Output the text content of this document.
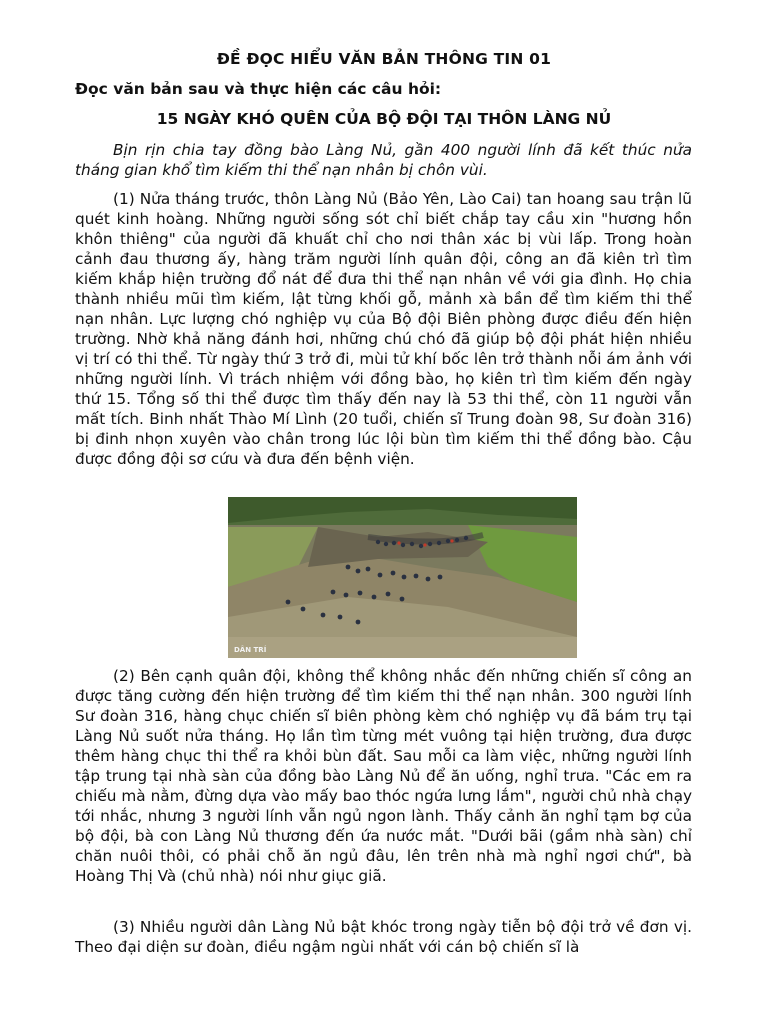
ĐỀ ĐỌC HIỂU VĂN BẢN THÔNG TIN 01
Đọc văn bản sau và thực hiện các câu hỏi:
15 NGÀY KHÓ QUÊN CỦA BỘ ĐỘI TẠI THÔN LÀNG NỦ

Bịn rịn chia tay đồng bào Làng Nủ, gần 400 người lính đã kết thúc nửa tháng gian khổ tìm kiếm thi thể nạn nhân bị chôn vùi.

(1) Nửa tháng trước, thôn Làng Nủ (Bảo Yên, Lào Cai) tan hoang sau trận lũ quét kinh hoàng. Những người sống sót chỉ biết chắp tay cầu xin "hương hồn khôn thiêng" của người đã khuất chỉ cho nơi thân xác bị vùi lấp. Trong hoàn cảnh đau thương ấy, hàng trăm người lính quân đội, công an đã kiên trì tìm kiếm khắp hiện trường đổ nát để đưa thi thể nạn nhân về với gia đình. Họ chia thành nhiều mũi tìm kiếm, lật từng khối gỗ, mảnh xà bần để tìm kiếm thi thể nạn nhân. Lực lượng chó nghiệp vụ của Bộ đội Biên phòng được điều đến hiện trường. Nhờ khả năng đánh hơi, những chú chó đã giúp bộ đội phát hiện nhiều vị trí có thi thể. Từ ngày thứ 3 trở đi, mùi tử khí bốc lên trở thành nỗi ám ảnh với những người lính. Vì trách nhiệm với đồng bào, họ kiên trì tìm kiếm đến ngày thứ 15. Tổng số thi thể được tìm thấy đến nay là 53 thi thể, còn 11 người vẫn mất tích. Binh nhất Thào Mí Lình (20 tuổi, chiến sĩ Trung đoàn 98, Sư đoàn 316) bị đinh nhọn xuyên vào chân trong lúc lội bùn tìm kiếm thi thể đồng bào. Cậu được đồng đội sơ cứu và đưa đến bệnh viện.

DÂN TRÍ

(2) Bên cạnh quân đội, không thể không nhắc đến những chiến sĩ công an được tăng cường đến hiện trường để tìm kiếm thi thể nạn nhân. 300 người lính Sư đoàn 316, hàng chục chiến sĩ biên phòng kèm chó nghiệp vụ đã bám trụ tại Làng Nủ suốt nửa tháng. Họ lần tìm từng mét vuông tại hiện trường, đưa được thêm hàng chục thi thể ra khỏi bùn đất. Sau mỗi ca làm việc, những người lính tập trung tại nhà sàn của đồng bào Làng Nủ để ăn uống, nghỉ trưa. "Các em ra chiếu mà nằm, đừng dựa vào mấy bao thóc ngứa lưng lắm", người chủ nhà chạy tới nhắc, nhưng 3 người lính vẫn ngủ ngon lành. Thấy cảnh ăn nghỉ tạm bợ của bộ đội, bà con Làng Nủ thương đến ứa nước mắt. "Dưới bãi (gầm nhà sàn) chỉ chăn nuôi thôi, có phải chỗ ăn ngủ đâu, lên trên nhà mà nghỉ ngơi chứ", bà Hoàng Thị Và (chủ nhà) nói như giục giã.

(3) Nhiều người dân Làng Nủ bật khóc trong ngày tiễn bộ đội trở về đơn vị. Theo đại diện sư đoàn, điều ngậm ngùi nhất với cán bộ chiến sĩ là
